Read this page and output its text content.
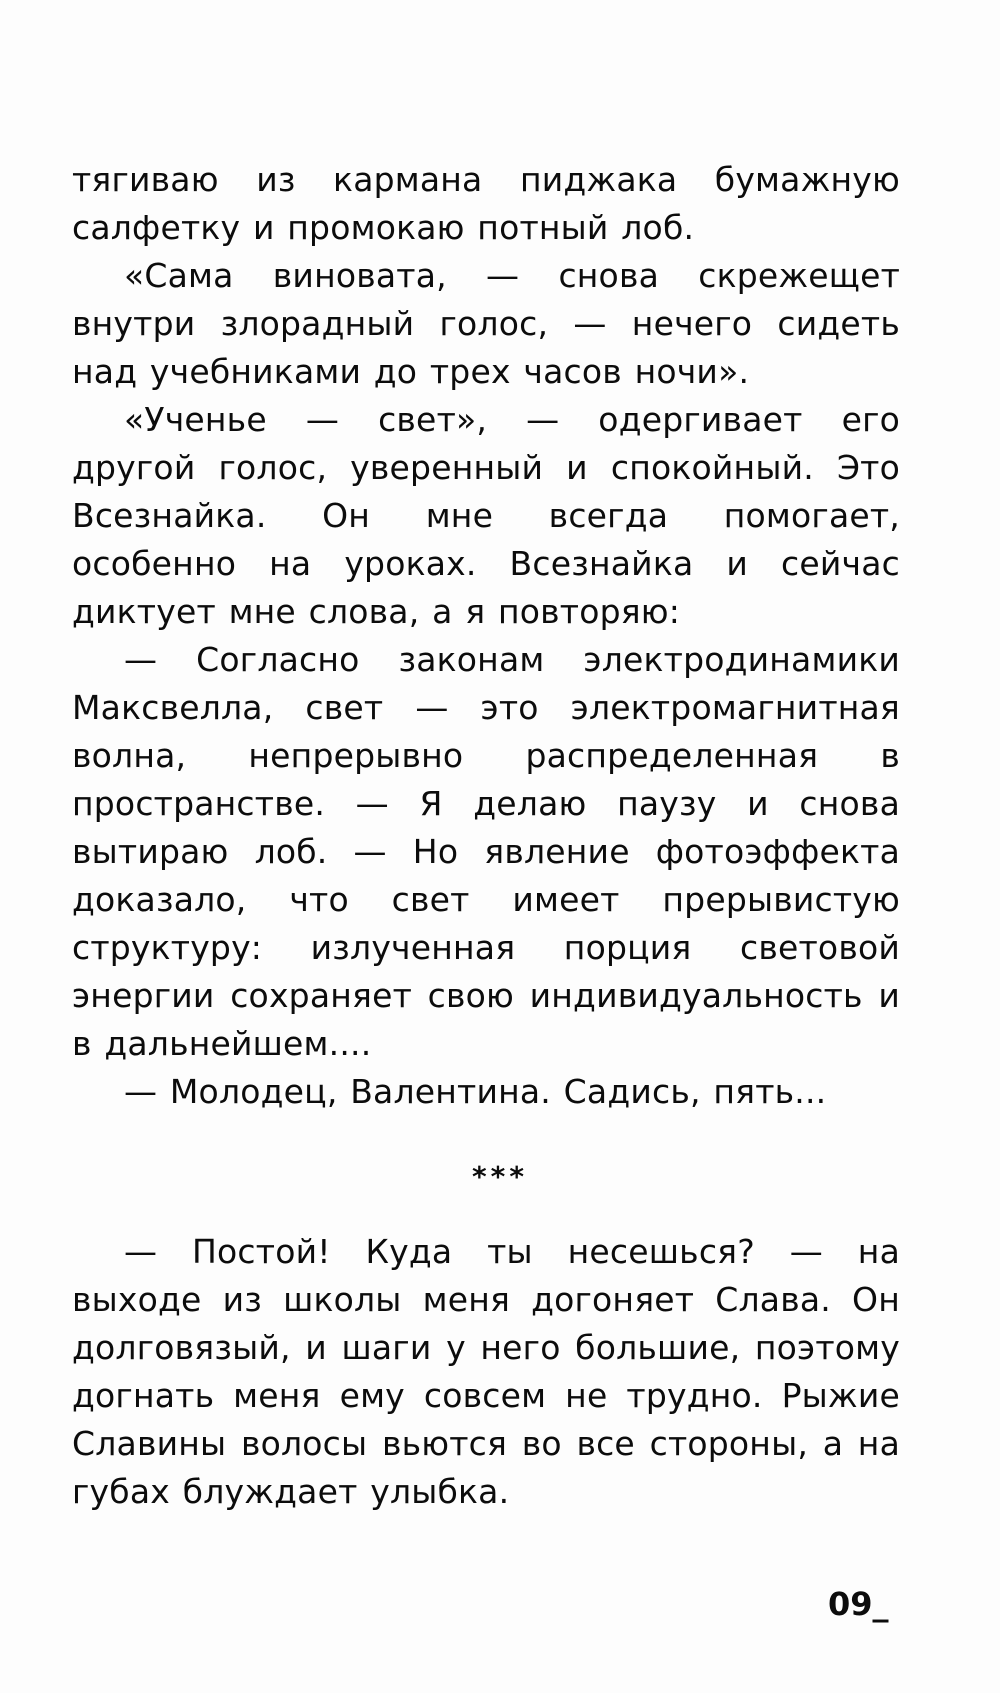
тягиваю из кармана пиджака бумажную салфетку и промокаю потный лоб.

«Сама виновата, — снова скрежещет внутри злорадный голос, — нечего сидеть над учебниками до трех часов ночи».

«Ученье — свет», — одергивает его другой голос, уверенный и спокойный. Это Всезнайка. Он мне всегда помогает, особенно на уроках. Всезнайка и сейчас диктует мне слова, а я повторяю:

— Согласно законам электродинамики Максвелла, свет — это электромагнитная волна, непрерывно распределенная в пространстве. — Я делаю паузу и снова вытираю лоб. — Но явление фотоэффекта доказало, что свет имеет прерывистую структуру: излученная порция световой энергии сохраняет свою индивидуальность и в дальнейшем....

— Молодец, Валентина. Садись, пять...

***

— Постой! Куда ты несешься? — на выходе из школы меня догоняет Слава. Он долговязый, и шаги у него большие, поэтому догнать меня ему совсем не трудно. Рыжие Славины волосы вьются во все стороны, а на губах блуждает улыбка.

09_
